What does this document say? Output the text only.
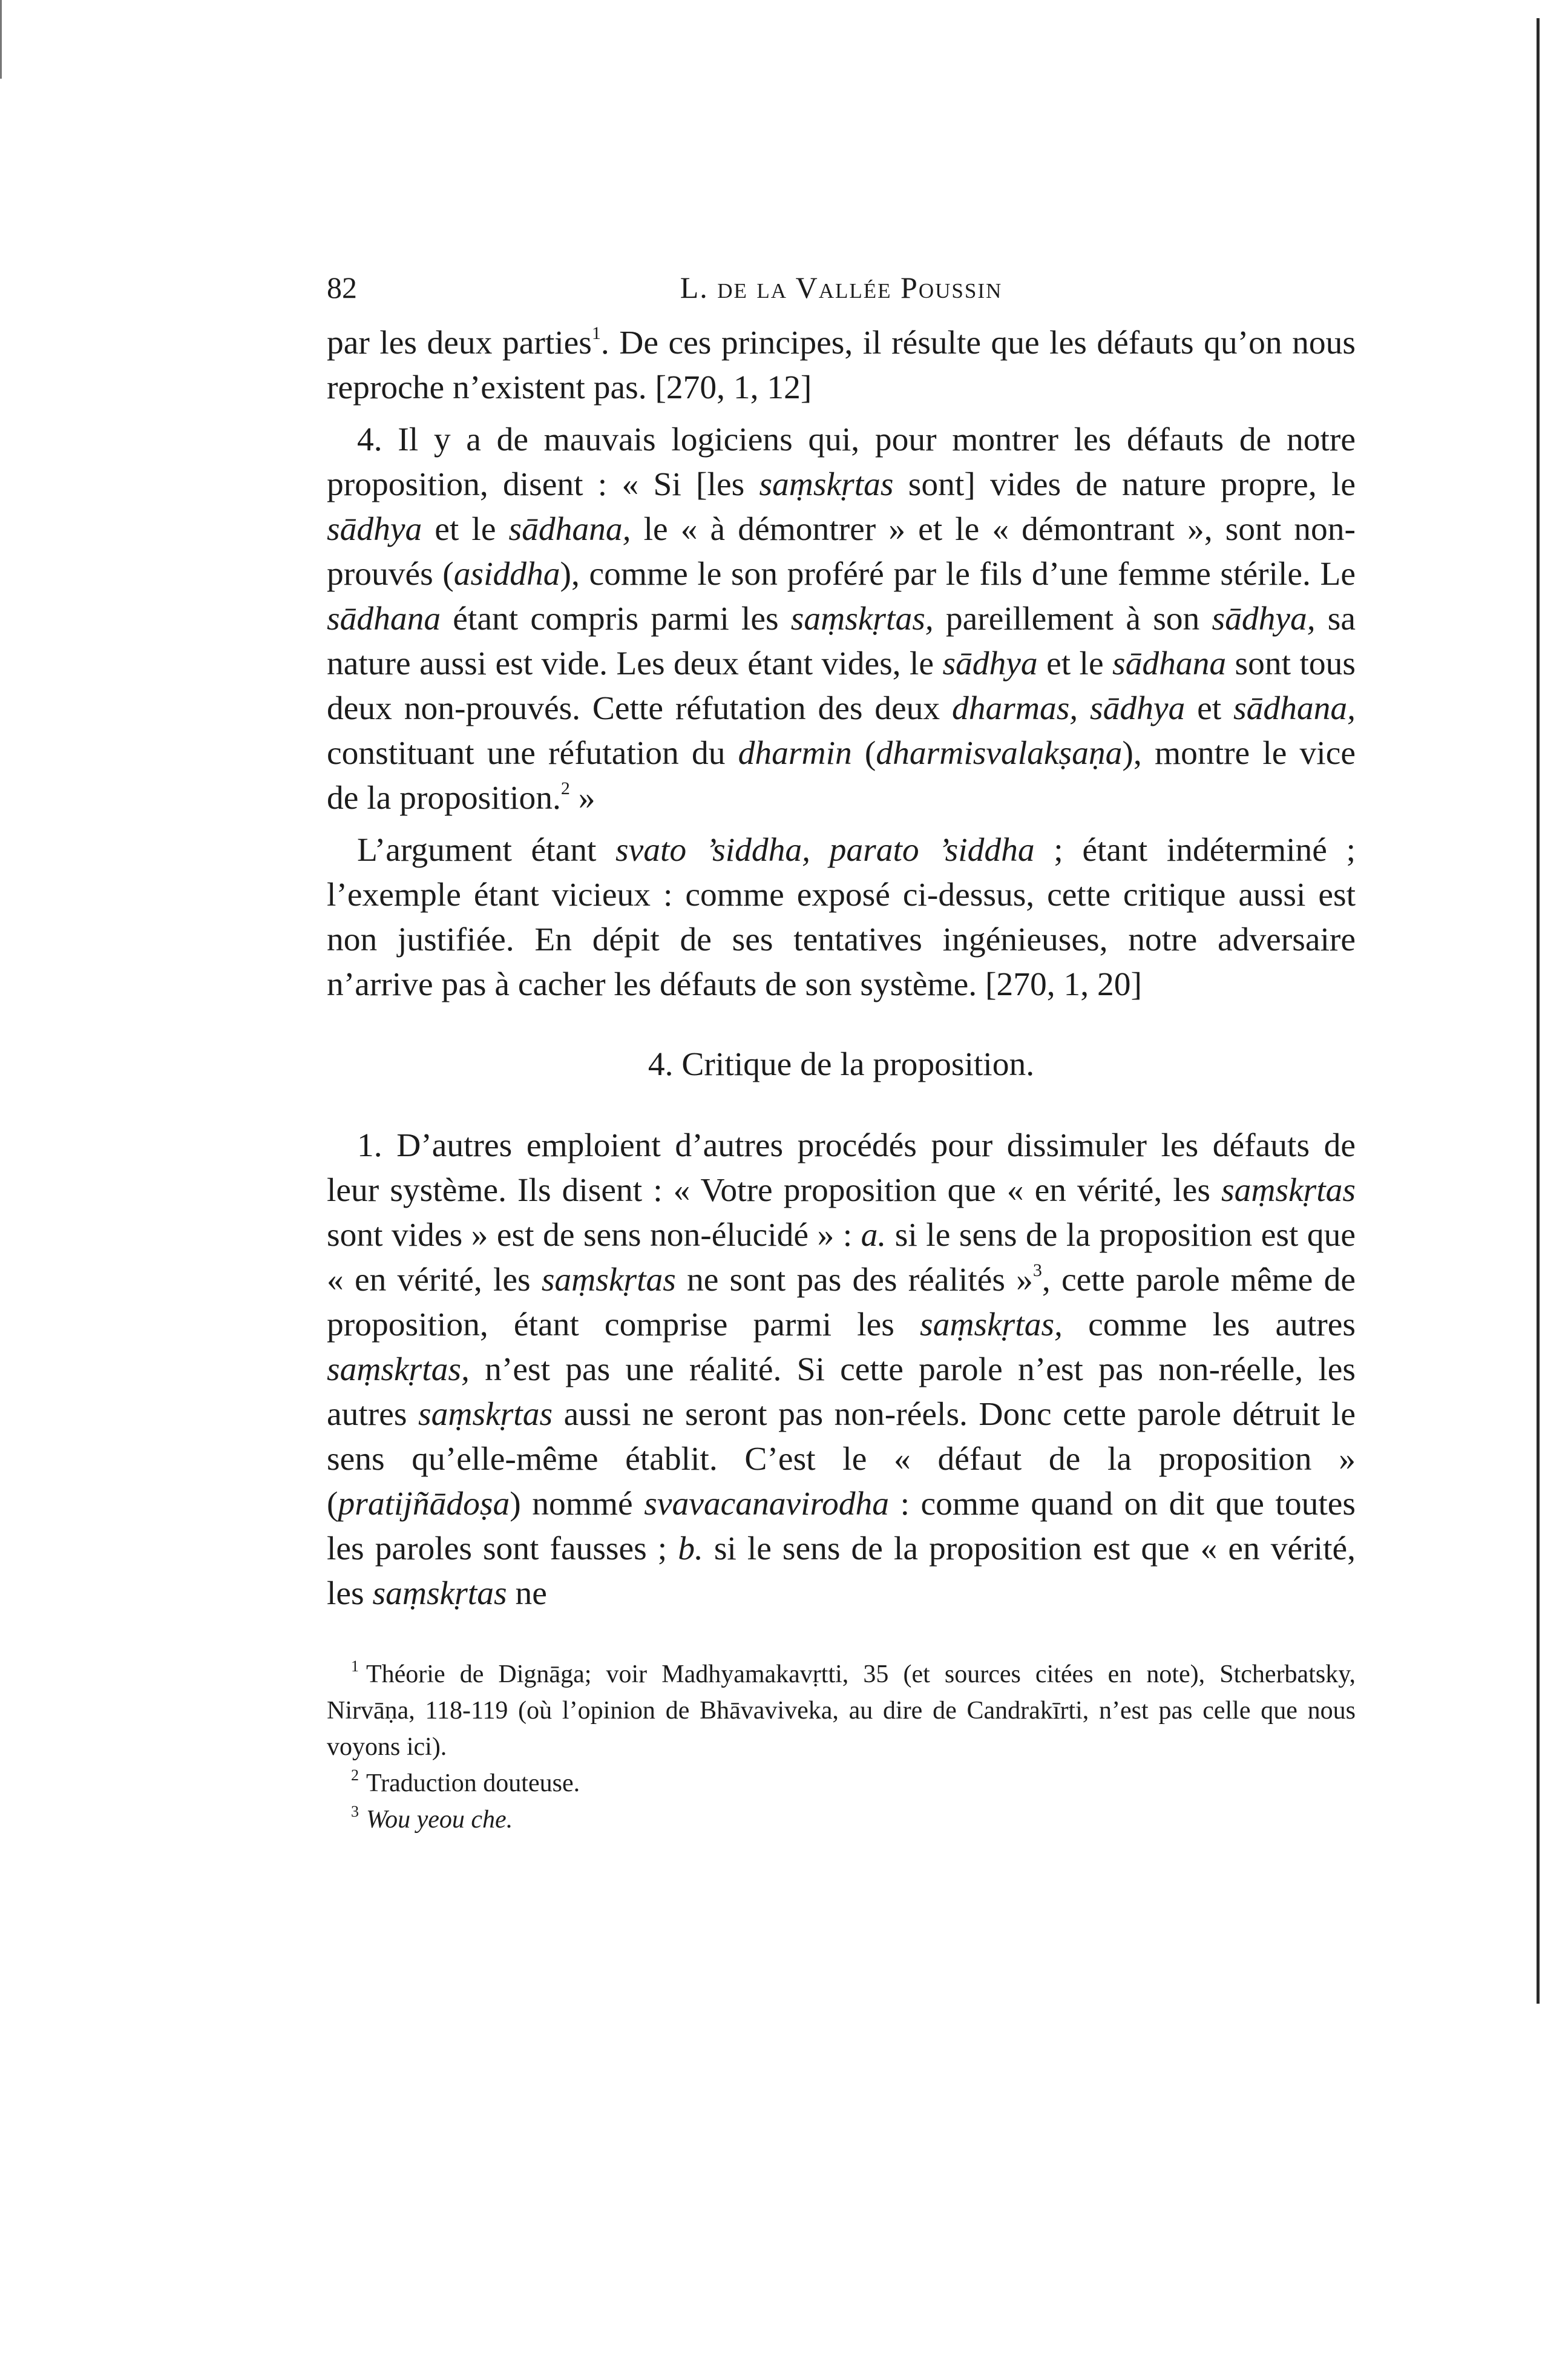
82	L. de la Vallée Poussin

par les deux parties$^1$. De ces principes, il résulte que les défauts qu’on nous reproche n’existent pas. [270, 1, 12]

4. Il y a de mauvais logiciens qui, pour montrer les défauts de notre proposition, disent : « Si [les saṃskṛtas sont] vides de nature propre, le sādhya et le sādhana, le « à démontrer » et le « démontrant », sont non-prouvés (asiddha), comme le son proféré par le fils d’une femme stérile. Le sādhana étant compris parmi les saṃskṛtas, pareillement à son sādhya, sa nature aussi est vide. Les deux étant vides, le sādhya et le sādhana sont tous deux non-prouvés. Cette réfutation des deux dharmas, sādhya et sādhana, constituant une réfutation du dharmin (dharmisvalakṣaṇa), montre le vice de la proposition.$^2$ »

L’argument étant svato ’siddha, parato ’siddha ; étant indéterminé ; l’exemple étant vicieux : comme exposé ci-dessus, cette critique aussi est non justifiée. En dépit de ses tentatives ingénieuses, notre adversaire n’arrive pas à cacher les défauts de son système. [270, 1, 20]

4. Critique de la proposition.

1. D’autres emploient d’autres procédés pour dissimuler les défauts de leur système. Ils disent : « Votre proposition que « en vérité, les saṃskṛtas sont vides » est de sens non-élucidé » : a. si le sens de la proposition est que « en vérité, les saṃskṛtas ne sont pas des réalités »$^3$, cette parole même de proposition, étant comprise parmi les saṃskṛtas, comme les autres saṃskṛtas, n’est pas une réalité. Si cette parole n’est pas non-réelle, les autres saṃskṛtas aussi ne seront pas non-réels. Donc cette parole détruit le sens qu’elle-même établit. C’est le « défaut de la proposition » (pratijñādoṣa) nommé svavacanavirodha : comme quand on dit que toutes les paroles sont fausses ; b. si le sens de la proposition est que « en vérité, les saṃskṛtas ne

$^1$ Théorie de Dignāga; voir Madhyamakavṛtti, 35 (et sources citées en note), Stcherbatsky, Nirvāṇa, 118-119 (où l’opinion de Bhāvaviveka, au dire de Candrakīrti, n’est pas celle que nous voyons ici).

$^2$ Traduction douteuse.

$^3$ Wou yeou che.
